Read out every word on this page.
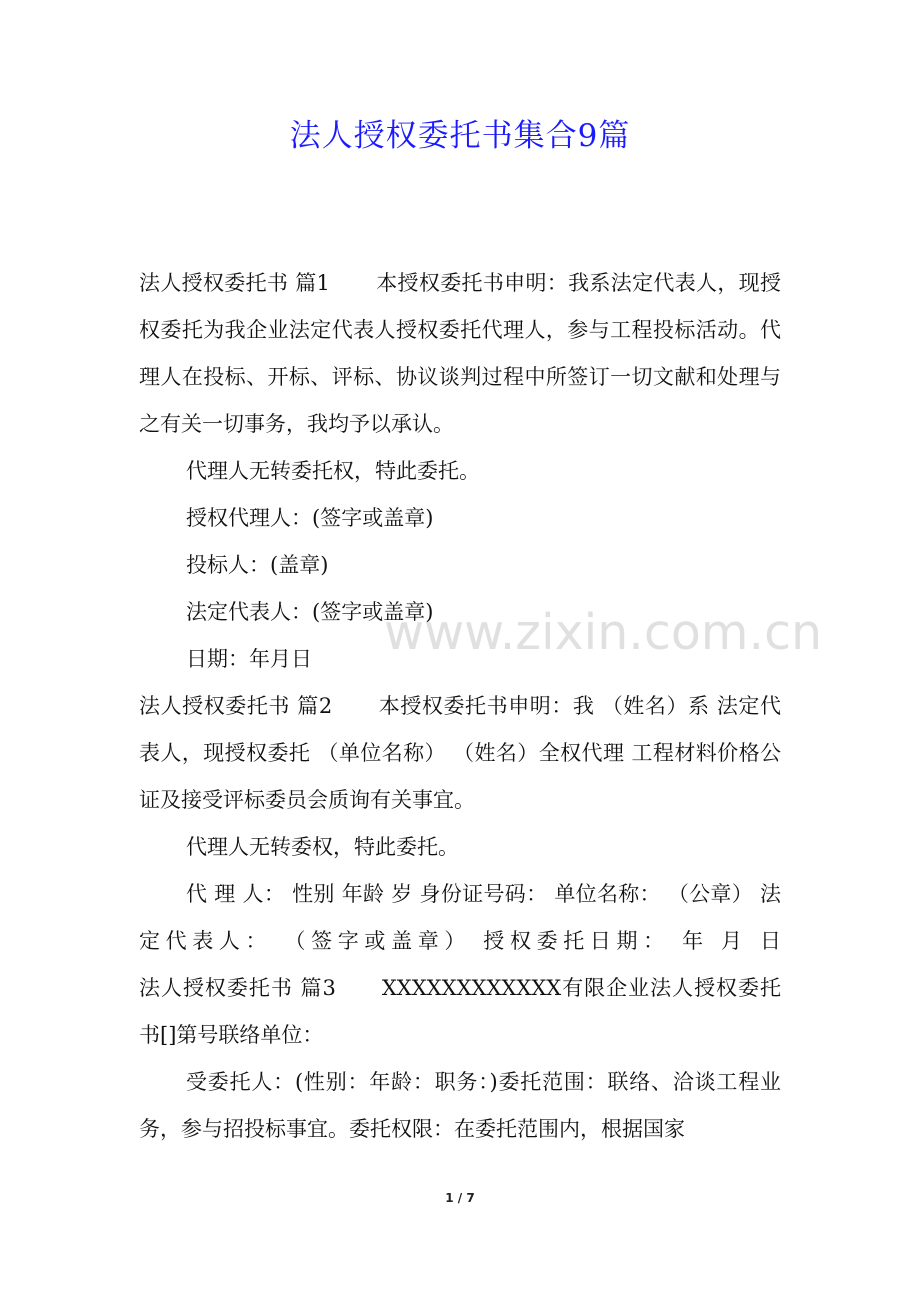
法人授权委托书集合9篇

法人授权委托书 篇1 本授权委托书申明：我系法定代表人，现授权委托为我企业法定代表人授权委托代理人，参与工程投标活动。代理人在投标、开标、评标、协议谈判过程中所签订一切文献和处理与之有关一切事务，我均予以承认。

代理人无转委托权，特此委托。

授权代理人：(签字或盖章)

投标人：(盖章)

法定代表人：(签字或盖章)

日期：年月日

法人授权委托书 篇2 本授权委托书申明：我 （姓名）系 法定代表人，现授权委托 （单位名称） （姓名）全权代理 工程材料价格公证及接受评标委员会质询有关事宜。

代理人无转委权，特此委托。

代 理 人： 性别 年龄 岁 身份证号码： 单位名称： （公章） 法定代表人： （签字或盖章） 授权委托日期： 年 月 日

法人授权委托书 篇3 XXXXXXXXXXXX有限企业法人授权委托书[]第号联络单位：

受委托人：(性别：年龄：职务：)委托范围：联络、洽谈工程业务，参与招投标事宜。委托权限：在委托范围内，根据国家

www.zixin.com.cn
1 / 7
